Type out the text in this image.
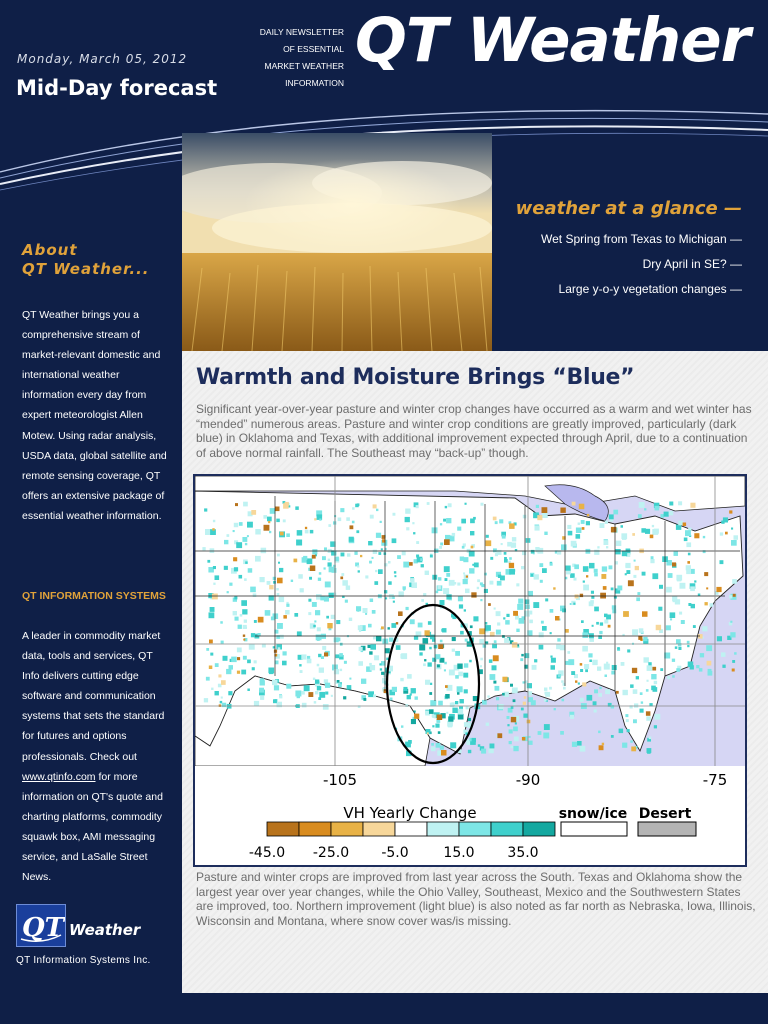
Monday, March 05, 2012
Mid-Day forecast
DAILY NEWSLETTER
OF ESSENTIAL
MARKET WEATHER
INFORMATION
QT Weather
weather at a glance —
Wet Spring from Texas to Michigan —
Dry April in SE? —
Large y-o-y vegetation changes —
About
QT Weather...
QT Weather brings you a comprehensive stream of market-relevant domestic and international weather information every day from expert meteorologist Allen Motew. Using radar analysis, USDA data, global satellite and remote sensing coverage, QT offers an extensive package of essential weather information.
QT INFORMATION SYSTEMS
A leader in commodity market data, tools and services, QT Info delivers cutting edge software and communication systems that sets the standard for futures and options professionals. Check out www.qtinfo.com for more information on QT's quote and charting platforms, commodity squawk box, AMI messaging service, and LaSalle Street News.
QT Weather
QT Information Systems Inc.
Warmth and Moisture Brings “Blue”
Significant year-over-year pasture and winter crop changes have occurred as a warm and wet winter has “mended” numerous areas. Pasture and winter crop conditions are greatly improved, particularly (dark blue) in Oklahoma and Texas, with additional improvement expected through April, due to a continuation of above normal rainfall. The Southeast may “back-up” though.
-105	-90	-75
VH Yearly Change	snow/ice Desert
-45.0 -25.0 -5.0 15.0 35.0
Pasture and winter crops are improved from last year across the South. Texas and Oklahoma show the largest year over year changes, while the Ohio Valley, Southeast, Mexico and the Southwestern States are improved, too. Northern improvement (light blue) is also noted as far north as Nebraska, Iowa, Illinois, Wisconsin and Montana, where snow cover was/is missing.
